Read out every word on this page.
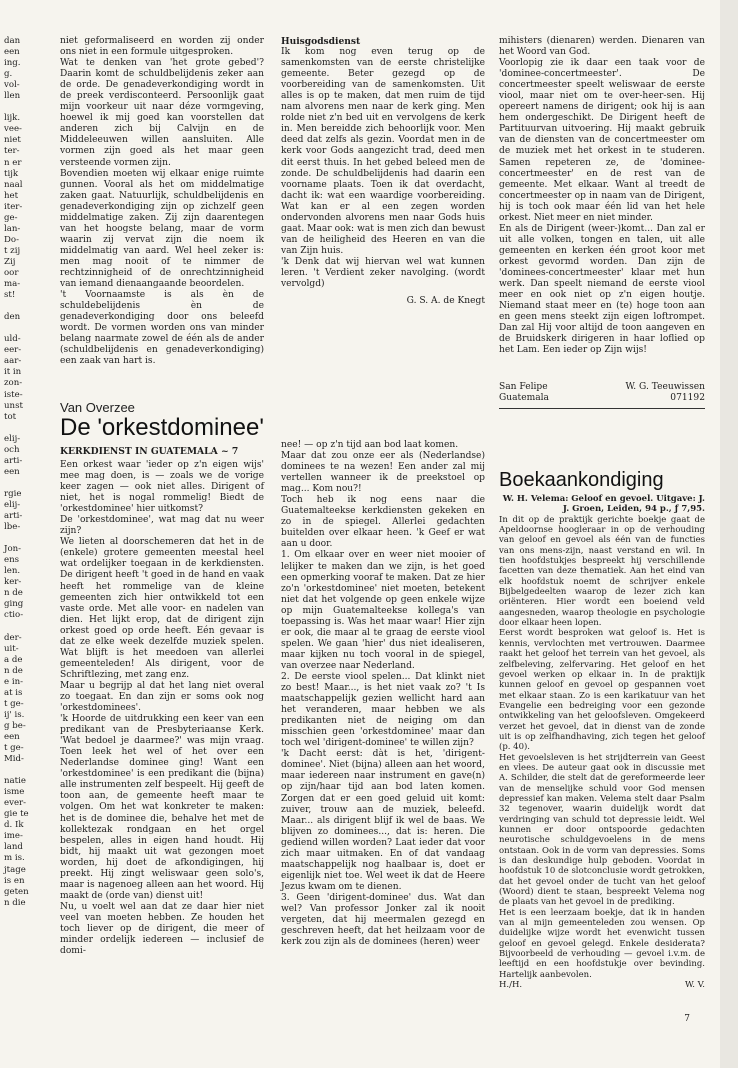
dan
een
ing.
g.
vol-
llen
lijk.
vee-
niet
ter-
n er
tijk
naal
het
iter-
ge-
lan-
Do-
t zij
Zij
oor
ma-
st!
den
uld-
eer-
aar-
it in
zon-
iste-
unst
tot
elij-
och
arti-
een
rgie
elij-
arti-
lbe-
Jon-
ens
len.
ker-
n de
ging
ctio-
der-
uit-
a de
n de
e in-
at is
t ge-
ij' is.
g be-
een
t ge-
Mid-
natie
isme
ever-
gie te
d. Ik
ime-
land
m is.
jtage
is en
geten
n die

niet geformaliseerd en worden zij onder ons niet in een formule uitgesproken.

Wat te denken van 'het grote gebed'? Daarin komt de schuldbelijdenis zeker aan de orde. De genadeverkondiging wordt in de preek verdisconteerd. Persoonlijk gaat mijn voorkeur uit naar déze vormgeving, hoewel ik mij goed kan voorstellen dat anderen zich bij Calvijn en de Middeleeuwen willen aansluiten. Alle vormen zijn goed als het maar geen versteende vormen zijn.

Bovendien moeten wij elkaar enige ruimte gunnen. Vooral als het om middelmatige zaken gaat. Natuurlijk, schuldbelijdenis en genadeverkondiging zijn op zichzelf geen middelmatige zaken. Zij zijn daarentegen van het hoogste belang, maar de vorm waarin zij vervat zijn die noem ik middelmatig van aard. Wel heel zeker is: men mag nooit of te nimmer de rechtzinnigheid of de onrechtzinnigheid van iemand dienaangaande beoordelen.

't Voornaamste is als èn de schuldebelijdenis èn de genadeverkondiging door ons beleefd wordt. De vormen worden ons van minder belang naarmate zowel de één als de ander (schuldbelijdenis en genadeverkondiging) een zaak van hart is.

Huisgodsdienst

Ik kom nog even terug op de samenkomsten van de eerste christelijke gemeente. Beter gezegd op de voorbereiding van de samenkomsten. Uit alles is op te maken, dat men ruim de tijd nam alvorens men naar de kerk ging. Men rolde niet z'n bed uit en vervolgens de kerk in. Men bereidde zich behoorlijk voor. Men deed dat zelfs als gezin. Voordat men in de kerk voor Gods aangezicht trad, deed men dit eerst thuis. In het gebed beleed men de zonde. De schuldbelijdenis had daarin een voorname plaats. Toen ik dat overdacht, dacht ik: wat een waardige voorbereiding. Wat kan er al een zegen worden ondervonden alvorens men naar Gods huis gaat. Maar ook: wat is men zich dan bewust van de heiligheid des Heeren en van die van Zijn huis.

'k Denk dat wij hiervan wel wat kunnen leren. 't Verdient zeker navolging. (wordt vervolgd)

G. S. A. de Knegt

mihisters (dienaren) werden. Dienaren van het Woord van God.

Voorlopig zie ik daar een taak voor de 'dominee-concertmeester'. De concertmeester speelt weliswaar de eerste viool, maar niet om te over-heer-sen. Hij opereert namens de dirigent; ook hij is aan hem ondergeschikt. De Dirigent heeft de Partituurvan uitvoering. Hij maakt gebruik van de diensten van de concertmeester om de muziek met het orkest in te studeren. Samen repeteren ze, de 'dominee-concertmeester' en de rest van de gemeente. Met elkaar. Want al treedt de concertmeester op in naam van de Dirigent, hij is toch ook maar één lid van het hele orkest. Niet meer en niet minder.

En als de Dirigent (weer-)komt... Dan zal er uit alle volken, tongen en talen, uit alle gemeenten en kerken één groot koor met orkest gevormd worden. Dan zijn de 'dominees-concertmeester' klaar met hun werk. Dan speelt niemand de eerste viool meer en ook niet op z'n eigen houtje. Niemand staat meer en (te) hoge toon aan en geen mens steekt zijn eigen loftrompet. Dan zal Hij voor altijd de toon aangeven en de Bruidskerk dirigeren in haar loflied op het Lam. Een ieder op Zijn wijs!

San Felipe	W. G. Teeuwissen
Guatemala	071192
Van Overzee
De 'orkestdominee'
KERKDIENST IN GUATEMALA ~ 7

Een orkest waar 'ieder op z'n eigen wijs' mee mag doen, is — zoals we de vorige keer zagen — ook niet alles. Dirigent of niet, het is nogal rommelig! Biedt de 'orkestdominee' hier uitkomst?

De 'orkestdominee', wat mag dat nu weer zijn?

We lieten al doorschemeren dat het in de (enkele) grotere gemeenten meestal heel wat ordelijker toegaan in de kerkdiensten. De dirigent heeft 't goed in de hand en vaak heeft het rommelige van de kleine gemeenten zich hier ontwikkeld tot een vaste orde. Met alle voor- en nadelen van dien. Het lijkt erop, dat de dirigent zijn orkest goed op orde heeft. Eén gevaar is dat ze elke week dezelfde muziek spelen. Wat blijft is het meedoen van allerlei gemeenteleden! Als dirigent, voor de Schriftlezing, met zang enz.

Maar u begrijp al dat het lang niet overal zo toegaat. En dan zijn er soms ook nog 'orkestdominees'.

'k Hoorde de uitdrukking een keer van een predikant van de Presbyteriaanse Kerk. 'Wat bedoel je daarmee?' was mijn vraag. Toen leek het wel of het over een Nederlandse dominee ging! Want een 'orkestdominee' is een predikant die (bijna) alle instrumenten zelf bespeelt. Hij geeft de toon aan, de gemeente heeft maar te volgen. Om het wat konkreter te maken: het is de dominee die, behalve het met de kollektezak rondgaan en het orgel bespelen, alles in eigen hand houdt. Hij bidt, hij maakt uit wat gezongen moet worden, hij doet de afkondigingen, hij preekt. Hij zingt weliswaar geen solo's, maar is nagenoeg alleen aan het woord. Hij maakt de (orde van) dienst uit!

Nu, u voelt wel aan dat ze daar hier niet veel van moeten hebben. Ze houden het toch liever op de dirigent, die meer of minder ordelijk iedereen — inclusief de domi-

nee! — op z'n tijd aan bod laat komen.

Maar dat zou onze eer als (Nederlandse) dominees te na wezen! Een ander zal mij vertellen wanneer ik de preekstoel op mag... Kom nou?!

Toch heb ik nog eens naar die Guatemalteekse kerkdiensten gekeken en zo in de spiegel. Allerlei gedachten buitelden over elkaar heen. 'k Geef er wat aan u door.

1. Om elkaar over en weer niet mooier of lelijker te maken dan we zijn, is het goed een opmerking vooraf te maken. Dat ze hier zo'n 'orkestdominee' niet moeten, betekent niet dat het volgende op geen enkele wijze op mijn Guatemalteekse kollega's van toepassing is. Was het maar waar! Hier zijn er ook, die maar al te graag de eerste viool spelen. We gaan 'hier' dus niet idealiseren, maar kijken nu toch vooral in de spiegel, van overzee naar Nederland.

2. De eerste viool spelen... Dat klinkt niet zo best! Maar..., is het niet vaak zo? 't Is maatschappelijk gezien wellicht hard aan het veranderen, maar hebben we als predikanten niet de neiging om dan misschien geen 'orkestdominee' maar dan toch wel 'dirigent-dominee' te willen zijn?

'k Dacht eerst: dàt is het, 'dirigent-dominee'. Niet (bijna) alleen aan het woord, maar iedereen naar instrument en gave(n) op zijn/haar tijd aan bod laten komen. Zorgen dat er een goed geluid uit komt: zuiver, trouw aan de muziek, beleefd. Maar... als dirigent blijf ik wel de baas. We blijven zo dominees..., dat is: heren. Die gediend willen worden? Laat ieder dat voor zich maar uitmaken. En of dat vandaag maatschappelijk nog haalbaar is, doet er eigenlijk niet toe. Wel weet ik dat de Heere Jezus kwam om te dienen.

3. Geen 'dirigent-dominee' dus. Wat dan wel? Van professor Jonker zal ik nooit vergeten, dat hij meermalen gezegd en geschreven heeft, dat het heilzaam voor de kerk zou zijn als de dominees (heren) weer

Boekaankondiging

W. H. Velema: Geloof en gevoel. Uitgave: J. J. Groen, Leiden, 94 p., ƒ 7,95.

In dit op de praktijk gerichte boekje gaat de Apeldoornse hoogleraar in op de verhouding van geloof en gevoel als één van de functies van ons mens-zijn, naast verstand en wil. In tien hoofdstukjes bespreekt hij verschillende facetten van deze thematiek. Aan het eind van elk hoofdstuk noemt de schrijver enkele Bijbelgedeelten waarop de lezer zich kan oriënteren. Hier wordt een boeiend veld aangesneden, waarop theologie en psychologie door elkaar heen lopen.

Eerst wordt besproken wat geloof is. Het is kennis, vervlochten met vertrouwen. Daarmee raakt het geloof het terrein van het gevoel, als zelfbeleving, zelfervaring. Het geloof en het gevoel werken op elkaar in. In de praktijk kunnen geloof en gevoel op gespannen voet met elkaar staan. Zo is een karikatuur van het Evangelie een bedreiging voor een gezonde ontwikkeling van het geloofsleven. Omgekeerd verzet het gevoel, dat in dienst van de zonde uit is op zelfhandhaving, zich tegen het geloof (p. 40).

Het gevoelsleven is het strijdterrein van Geest en vlees. De auteur gaat ook in discussie met A. Schilder, die stelt dat de gereformeerde leer van de menselijke schuld voor God mensen depressief kan maken. Velema stelt daar Psalm 32 tegenover, waarin duidelijk wordt dat verdringing van schuld tot depressie leidt. Wel kunnen er door ontspoorde gedachten neurotische schuldgevoelens in de mens ontstaan. Ook in de vorm van depressies. Soms is dan deskundige hulp geboden. Voordat in hoofdstuk 10 de slotconclusie wordt getrokken, dat het gevoel onder de tucht van het geloof (Woord) dient te staan, bespreekt Velema nog de plaats van het gevoel in de prediking.

Het is een leerzaam boekje, dat ik in handen van al mijn gemeenteleden zou wensen. Op duidelijke wijze wordt het evenwicht tussen geloof en gevoel gelegd. Enkele desiderata? Bijvoorbeeld de verhouding — gevoel i.v.m. de leeftijd en een hoofdstukje over bevinding. Hartelijk aanbevolen.

H./H.	W. V.
7
